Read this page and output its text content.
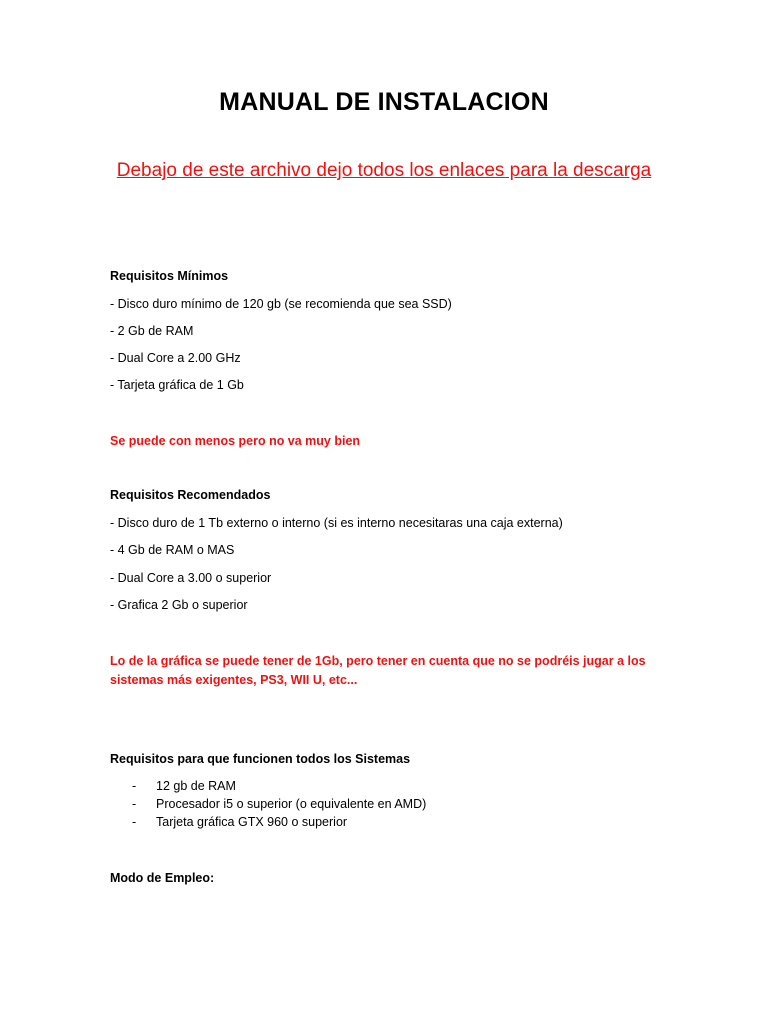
MANUAL DE INSTALACION
Debajo de este archivo dejo todos los enlaces para la descarga
Requisitos Mínimos
- Disco duro mínimo de 120 gb (se recomienda que sea SSD)
- 2 Gb de RAM
- Dual Core a 2.00 GHz
- Tarjeta gráfica de 1 Gb
Se puede con menos pero no va muy bien
Requisitos Recomendados
- Disco duro de 1 Tb externo o interno (si es interno necesitaras una caja externa)
- 4 Gb de RAM o MAS
- Dual Core a 3.00 o superior
- Grafica 2 Gb o superior
Lo de la gráfica se puede tener de 1Gb, pero tener en cuenta que no se podréis jugar a los sistemas más exigentes, PS3, WII U, etc...
Requisitos para que funcionen todos los Sistemas
- 12 gb de RAM
- Procesador i5 o superior (o equivalente en AMD)
- Tarjeta gráfica GTX 960 o superior
Modo de Empleo:
